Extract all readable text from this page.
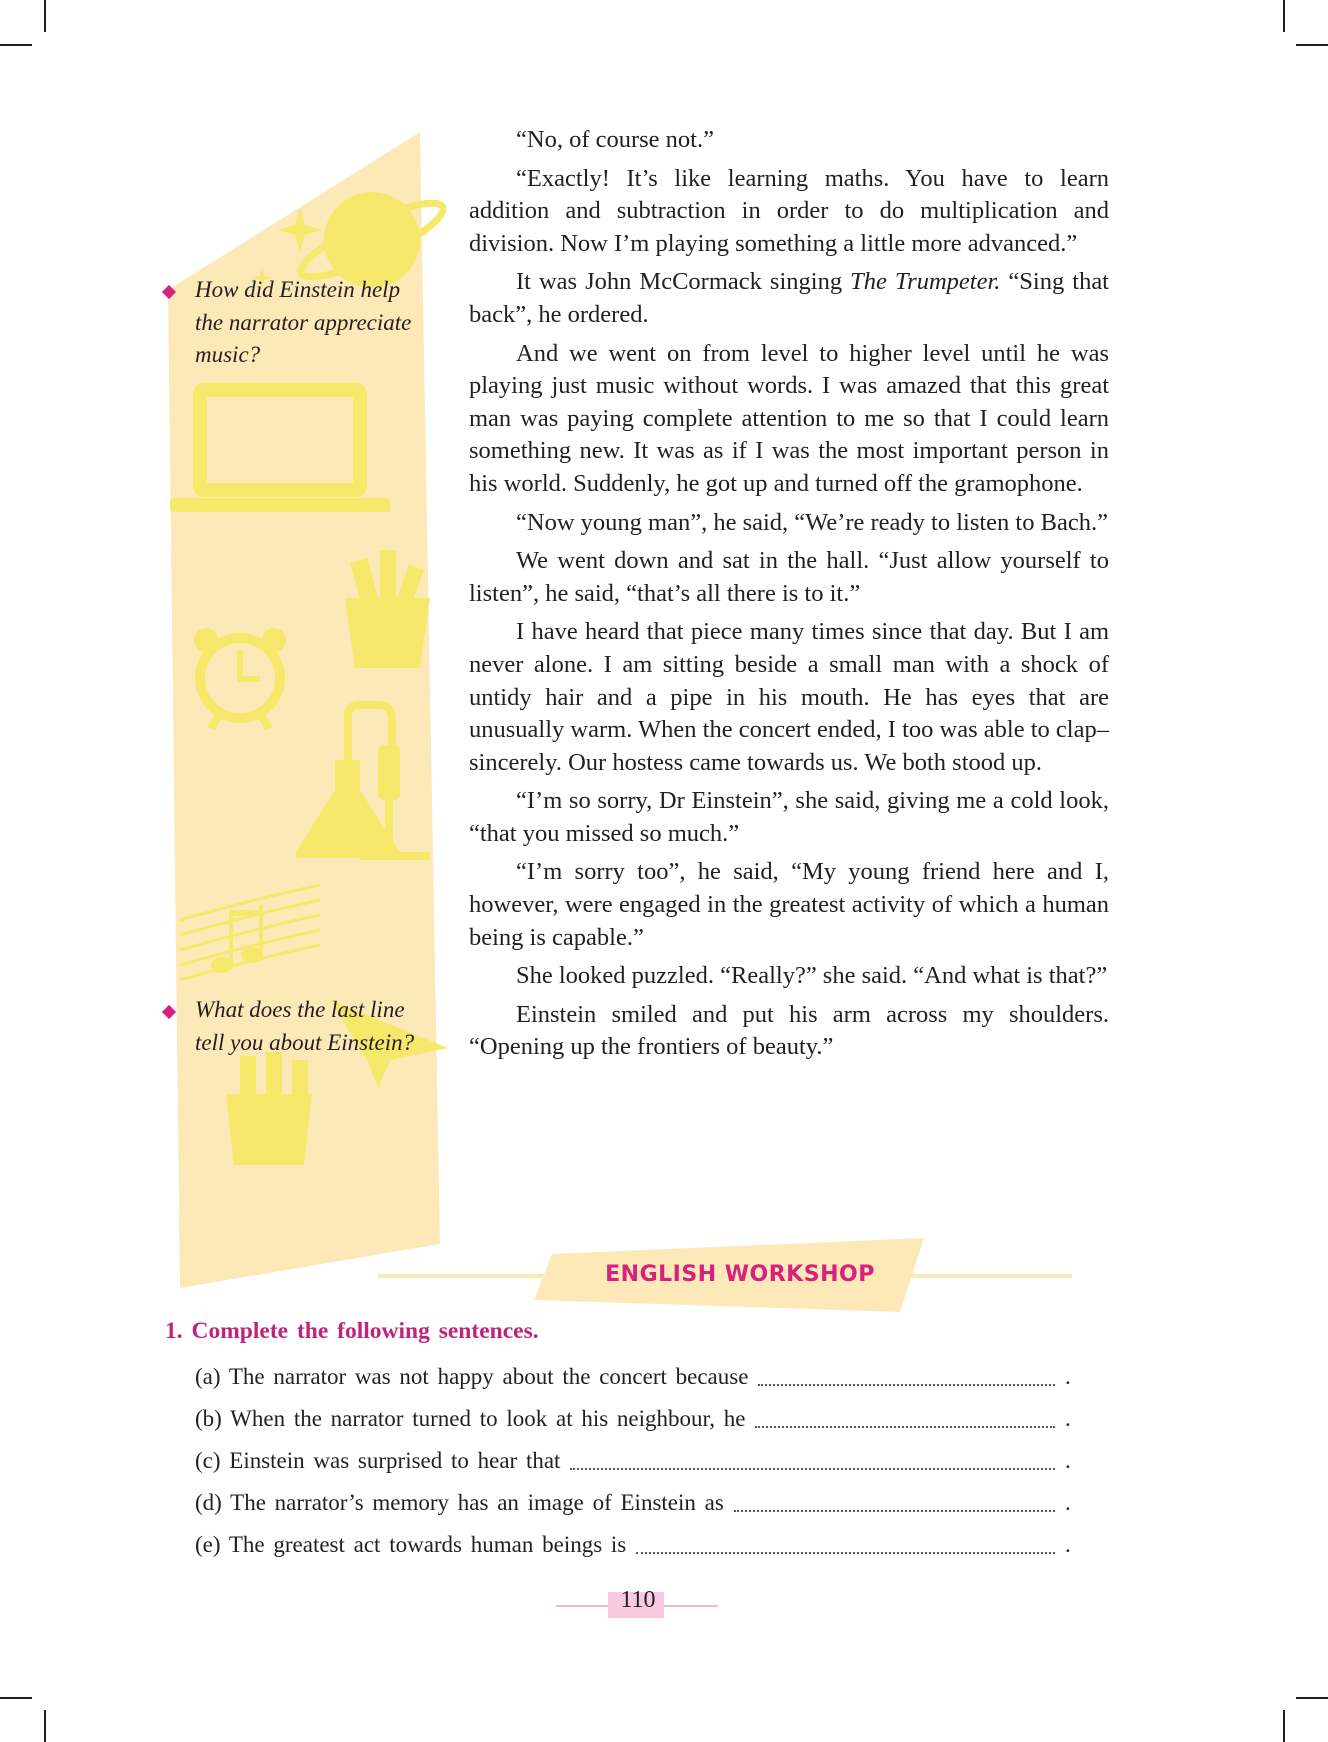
How did Einstein help the narrator appreciate music?
What does the last line tell you about Einstein?

“No, of course not.”

“Exactly! It’s like learning maths. You have to learn addition and subtraction in order to do multiplication and division. Now I’m playing something a little more advanced.”

It was John McCormack singing The Trumpeter. “Sing that back”, he ordered.

And we went on from level to higher level until he was playing just music without words. I was amazed that this great man was paying complete attention to me so that I could learn something new. It was as if I was the most important person in his world. Suddenly, he got up and turned off the gramophone.

“Now young man”, he said, “We’re ready to listen to Bach.”

We went down and sat in the hall. “Just allow yourself to listen”, he said, “that’s all there is to it.”

I have heard that piece many times since that day. But I am never alone. I am sitting beside a small man with a shock of untidy hair and a pipe in his mouth. He has eyes that are unusually warm. When the concert ended, I too was able to clap–sincerely. Our hostess came towards us. We both stood up.

“I’m so sorry, Dr Einstein”, she said, giving me a cold look, “that you missed so much.”

“I’m sorry too”, he said, “My young friend here and I, however, were engaged in the greatest activity of which a human being is capable.”

She looked puzzled. “Really?” she said. “And what is that?”

Einstein smiled and put his arm across my shoulders. “Opening up the frontiers of beauty.”

ENGLISH WORKSHOP
1. Complete the following sentences.
(a) The narrator was not happy about the concert because	.
(b) When the narrator turned to look at his neighbour, he	.
(c) Einstein was surprised to hear that	.
(d) The narrator’s memory has an image of Einstein as	.
(e) The greatest act towards human beings is	.
110
